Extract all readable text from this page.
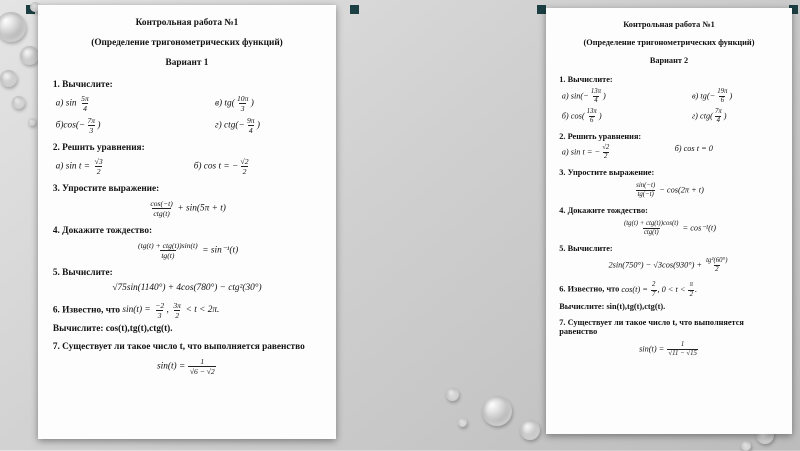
Контрольная работа №1
(Определение тригонометрических функций)
Вариант 1
1. Вычислите:
а) $\sin \frac{5\pi}{4}$	в) $tg( \frac{10\pi}{3}$ )
$б)\cos(- \frac{7\pi}{3}$ )	г) $ctg(- \frac{9\pi}{4}$ )
2. Решить уравнения:
а) $\sin t = \frac{√3}{2}$	б) cos t = − $\frac{√2}{2}$
3. Упростите выражение:
$\frac{\cos(-t)}{\text{ctg(t)}} + \sin(5\pi + t)$
4. Докажите тождество:
$\frac{\text{(tg(t) + ctg(t))sin(t)}}{tg(t)} = \sin^{-1}(t)$
5. Вычислите:
√75sin(1140°) + 4cos(780°) − ctg²(30°)
6. Известно, что $\sin(t) = \frac{-2}{3}$ , $\frac{3\pi}{2} < t < 2\pi$.
Вычислите: cos(t),tg(t),ctg(t).
7. Существует ли такое число t, что выполняется равенство
$\sin(t) = \frac{1}{√6 - √2}$
Контрольная работа №1
(Определение тригонометрических функций)
Вариант 2
1. Вычислите:
а) $\sin(- \frac{13\pi}{4}$ )	в) $tg(- \frac{19\pi}{6}$ )
б) $\cos( \frac{13\pi}{6}$ )	г) $ctg( \frac{7\pi}{4}$ )
2. Решить уравнения:
а) sin t = − $\frac{√2}{2}$	б) cos t = 0
3. Упростите выражение:
$\frac{\sin(-t)}{tg(-t)} - \cos(2\pi + t)$
4. Докажите тождество:
$\frac{\text{(tg(t) + ctg(t))cos(t)}}{\text{ctg(t)}} = \cos^{-1}(t)$
5. Вычислите:
$2\sin(750^\circ) - √3\cos(930^\circ) + \frac{\text{tg²(60°)}}{2}$
6. Известно, что $\cos(t) = \frac{2}{7}$ , $0 < t < \frac{\pi}{2}$ .
Вычислите: sin(t),tg(t),ctg(t).
7. Существует ли такое число t, что выполняется равенство
$\sin(t) = \frac{1}{√11 - √15}$
